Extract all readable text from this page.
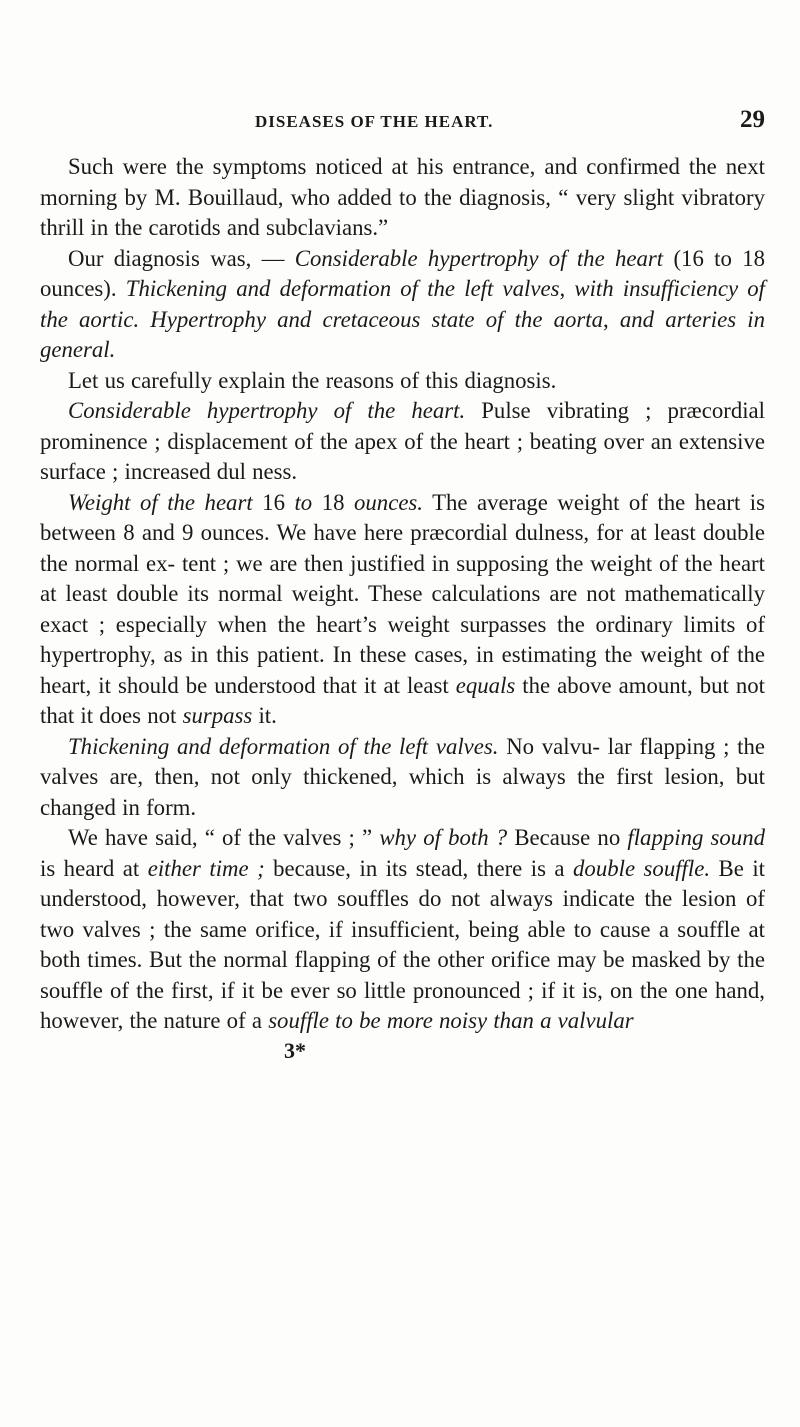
DISEASES OF THE HEART.	29

Such were the symptoms noticed at his entrance, and confirmed the next morning by M. Bouillaud, who added to the diagnosis, “ very slight vibratory thrill in the carotids and subclavians.”

Our diagnosis was, — Considerable hypertrophy of the heart (16 to 18 ounces). Thickening and deformation of the left valves, with insufficiency of the aortic. Hypertrophy and cretaceous state of the aorta, and arteries in general.

Let us carefully explain the reasons of this diagnosis.

Considerable hypertrophy of the heart. Pulse vibrating ; præcordial prominence ; displacement of the apex of the heart ; beating over an extensive surface ; increased dul ness.

Weight of the heart 16 to 18 ounces. The average weight of the heart is between 8 and 9 ounces. We have here præcordial dulness, for at least double the normal ex- tent ; we are then justified in supposing the weight of the heart at least double its normal weight. These calculations are not mathematically exact ; especially when the heart’s weight surpasses the ordinary limits of hypertrophy, as in this patient. In these cases, in estimating the weight of the heart, it should be understood that it at least equals the above amount, but not that it does not surpass it.

Thickening and deformation of the left valves. No valvu- lar flapping ; the valves are, then, not only thickened, which is always the first lesion, but changed in form.

We have said, “ of the valves ; ” why of both ? Because no flapping sound is heard at either time ; because, in its stead, there is a double souffle. Be it understood, however, that two souffles do not always indicate the lesion of two valves ; the same orifice, if insufficient, being able to cause a souffle at both times. But the normal flapping of the other orifice may be masked by the souffle of the first, if it be ever so little pronounced ; if it is, on the one hand, however, the nature of a souffle to be more noisy than a valvular

3*
